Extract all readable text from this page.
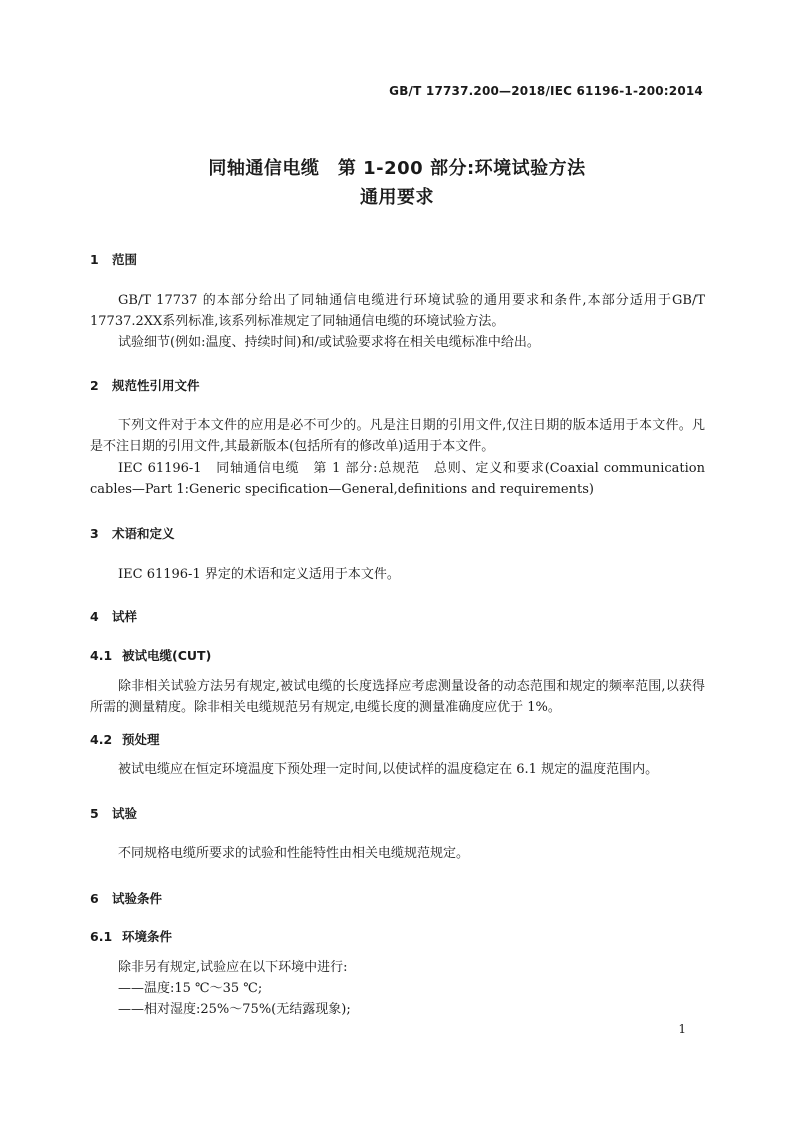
GB/T 17737.200—2018/IEC 61196-1-200:2014
同轴通信电缆　第 1-200 部分:环境试验方法
通用要求
1 范围
GB/T 17737 的本部分给出了同轴通信电缆进行环境试验的通用要求和条件,本部分适用于GB/T 17737.2XX系列标准,该系列标准规定了同轴通信电缆的环境试验方法。
试验细节(例如:温度、持续时间)和/或试验要求将在相关电缆标准中给出。
2 规范性引用文件
下列文件对于本文件的应用是必不可少的。凡是注日期的引用文件,仅注日期的版本适用于本文件。凡是不注日期的引用文件,其最新版本(包括所有的修改单)适用于本文件。
IEC 61196-1　同轴通信电缆　第 1 部分:总规范　总则、定义和要求(Coaxial communication cables—Part 1:Generic specification—General,definitions and requirements)
3 术语和定义
IEC 61196-1 界定的术语和定义适用于本文件。
4 试样
4.1 被试电缆(CUT)
除非相关试验方法另有规定,被试电缆的长度选择应考虑测量设备的动态范围和规定的频率范围,以获得所需的测量精度。除非相关电缆规范另有规定,电缆长度的测量准确度应优于 1%。
4.2 预处理
被试电缆应在恒定环境温度下预处理一定时间,以使试样的温度稳定在 6.1 规定的温度范围内。
5 试验
不同规格电缆所要求的试验和性能特性由相关电缆规范规定。
6 试验条件
6.1 环境条件
除非另有规定,试验应在以下环境中进行:
——温度:15 ℃～35 ℃;
——相对湿度:25%～75%(无结露现象);
1
